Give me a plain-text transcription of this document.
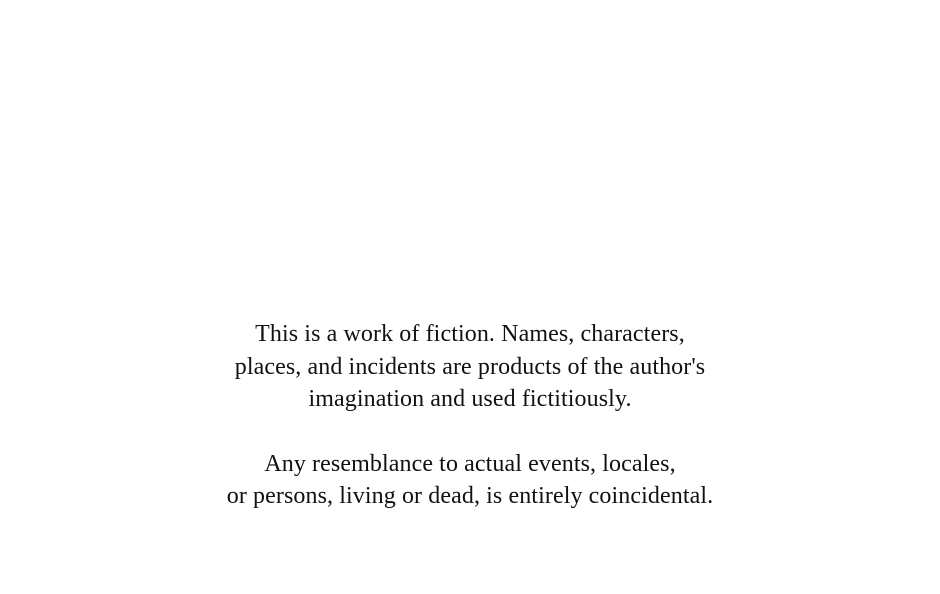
This is a work of fiction. Names, characters,
places, and incidents are products of the author's
imagination and used fictitiously.
Any resemblance to actual events, locales,
or persons, living or dead, is entirely coincidental.
